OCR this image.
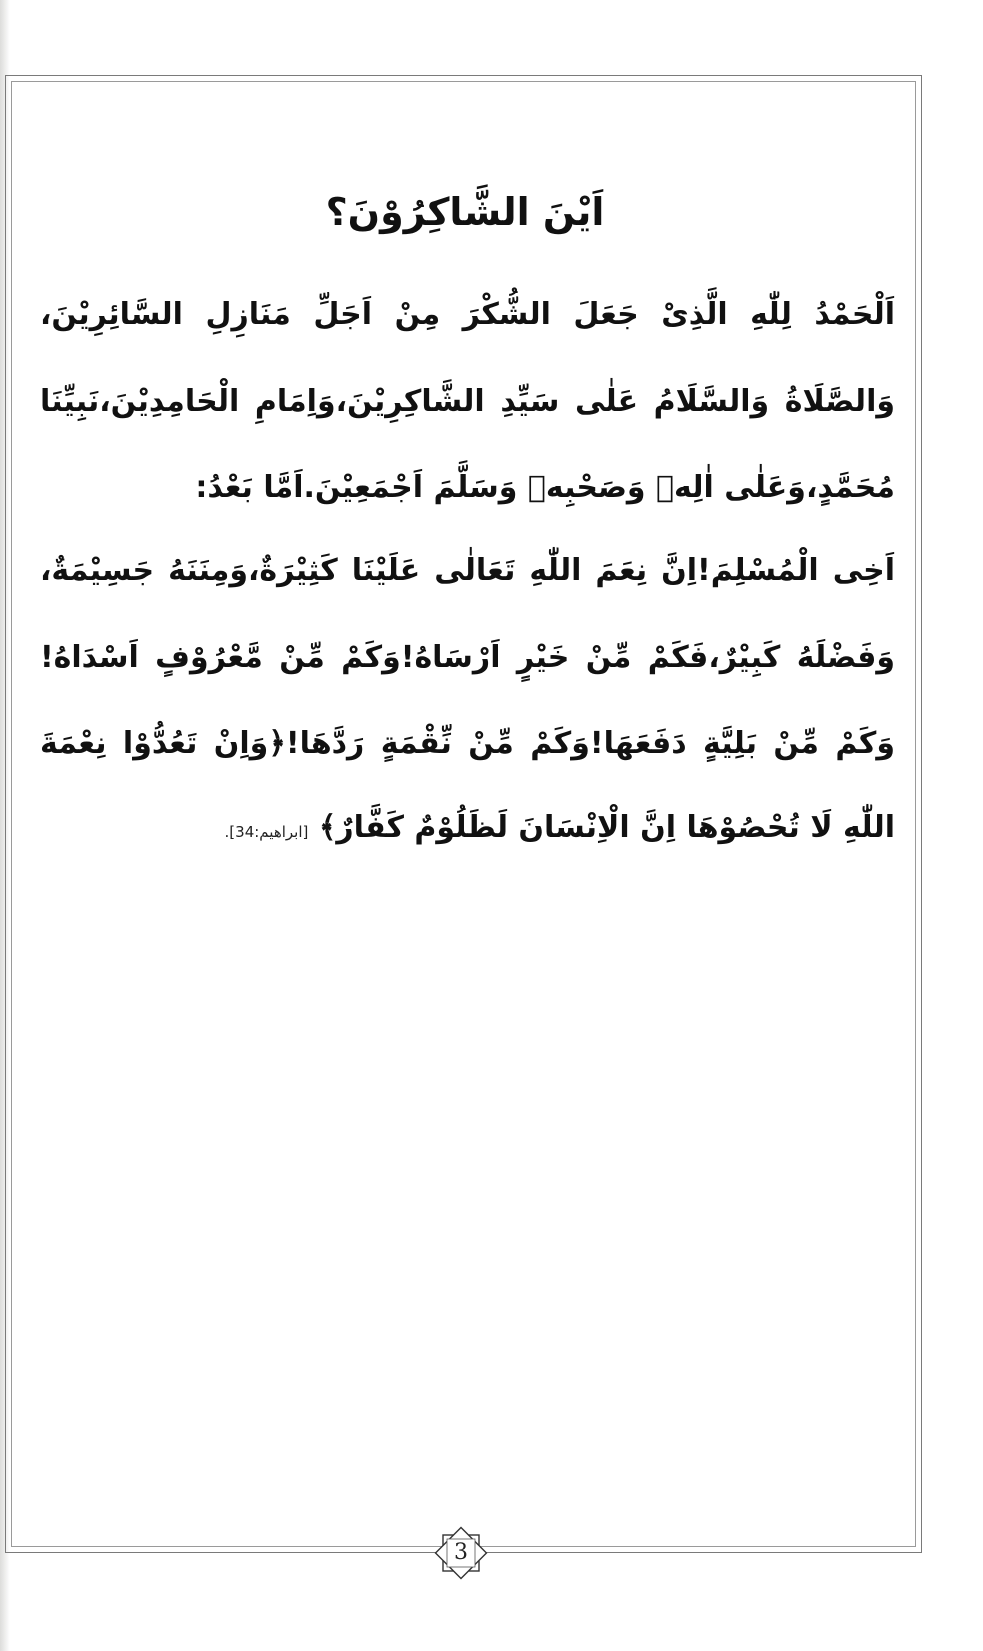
اَيْنَ الشَّاكِرُوْنَ؟
اَلْحَمْدُ لِلّٰهِ الَّذِىْ جَعَلَ الشُّكْرَ مِنْ اَجَلِّ مَنَازِلِ السَّائِرِيْنَ،
وَالصَّلَاةُ وَالسَّلَامُ عَلٰى سَيِّدِ الشَّاكِرِيْنَ،وَاِمَامِ الْحَامِدِيْنَ،نَبِيِّنَا
مُحَمَّدٍ،وَعَلٰى اٰلِهٖ وَصَحْبِهٖ وَسَلَّمَ اَجْمَعِيْنَ.اَمَّا بَعْدُ:
اَخِى الْمُسْلِمَ!اِنَّ نِعَمَ اللّٰهِ تَعَالٰى عَلَيْنَا كَثِيْرَةٌ،وَمِنَنَهُ جَسِيْمَةٌ،
وَفَضْلَهُ كَبِيْرٌ،فَكَمْ مِّنْ خَيْرٍ اَرْسَاهُ!وَكَمْ مِّنْ مَّعْرُوْفٍ اَسْدَاهُ!
وَكَمْ مِّنْ بَلِيَّةٍ دَفَعَهَا!وَكَمْ مِّنْ نِّقْمَةٍ رَدَّهَا!﴿وَاِنْ تَعُدُّوْا نِعْمَةَ
اللّٰهِ لَا تُحْصُوْهَا اِنَّ الْاِنْسَانَ لَظَلُوْمٌ كَفَّارٌ﴾ [ابراهيم:34].
3
